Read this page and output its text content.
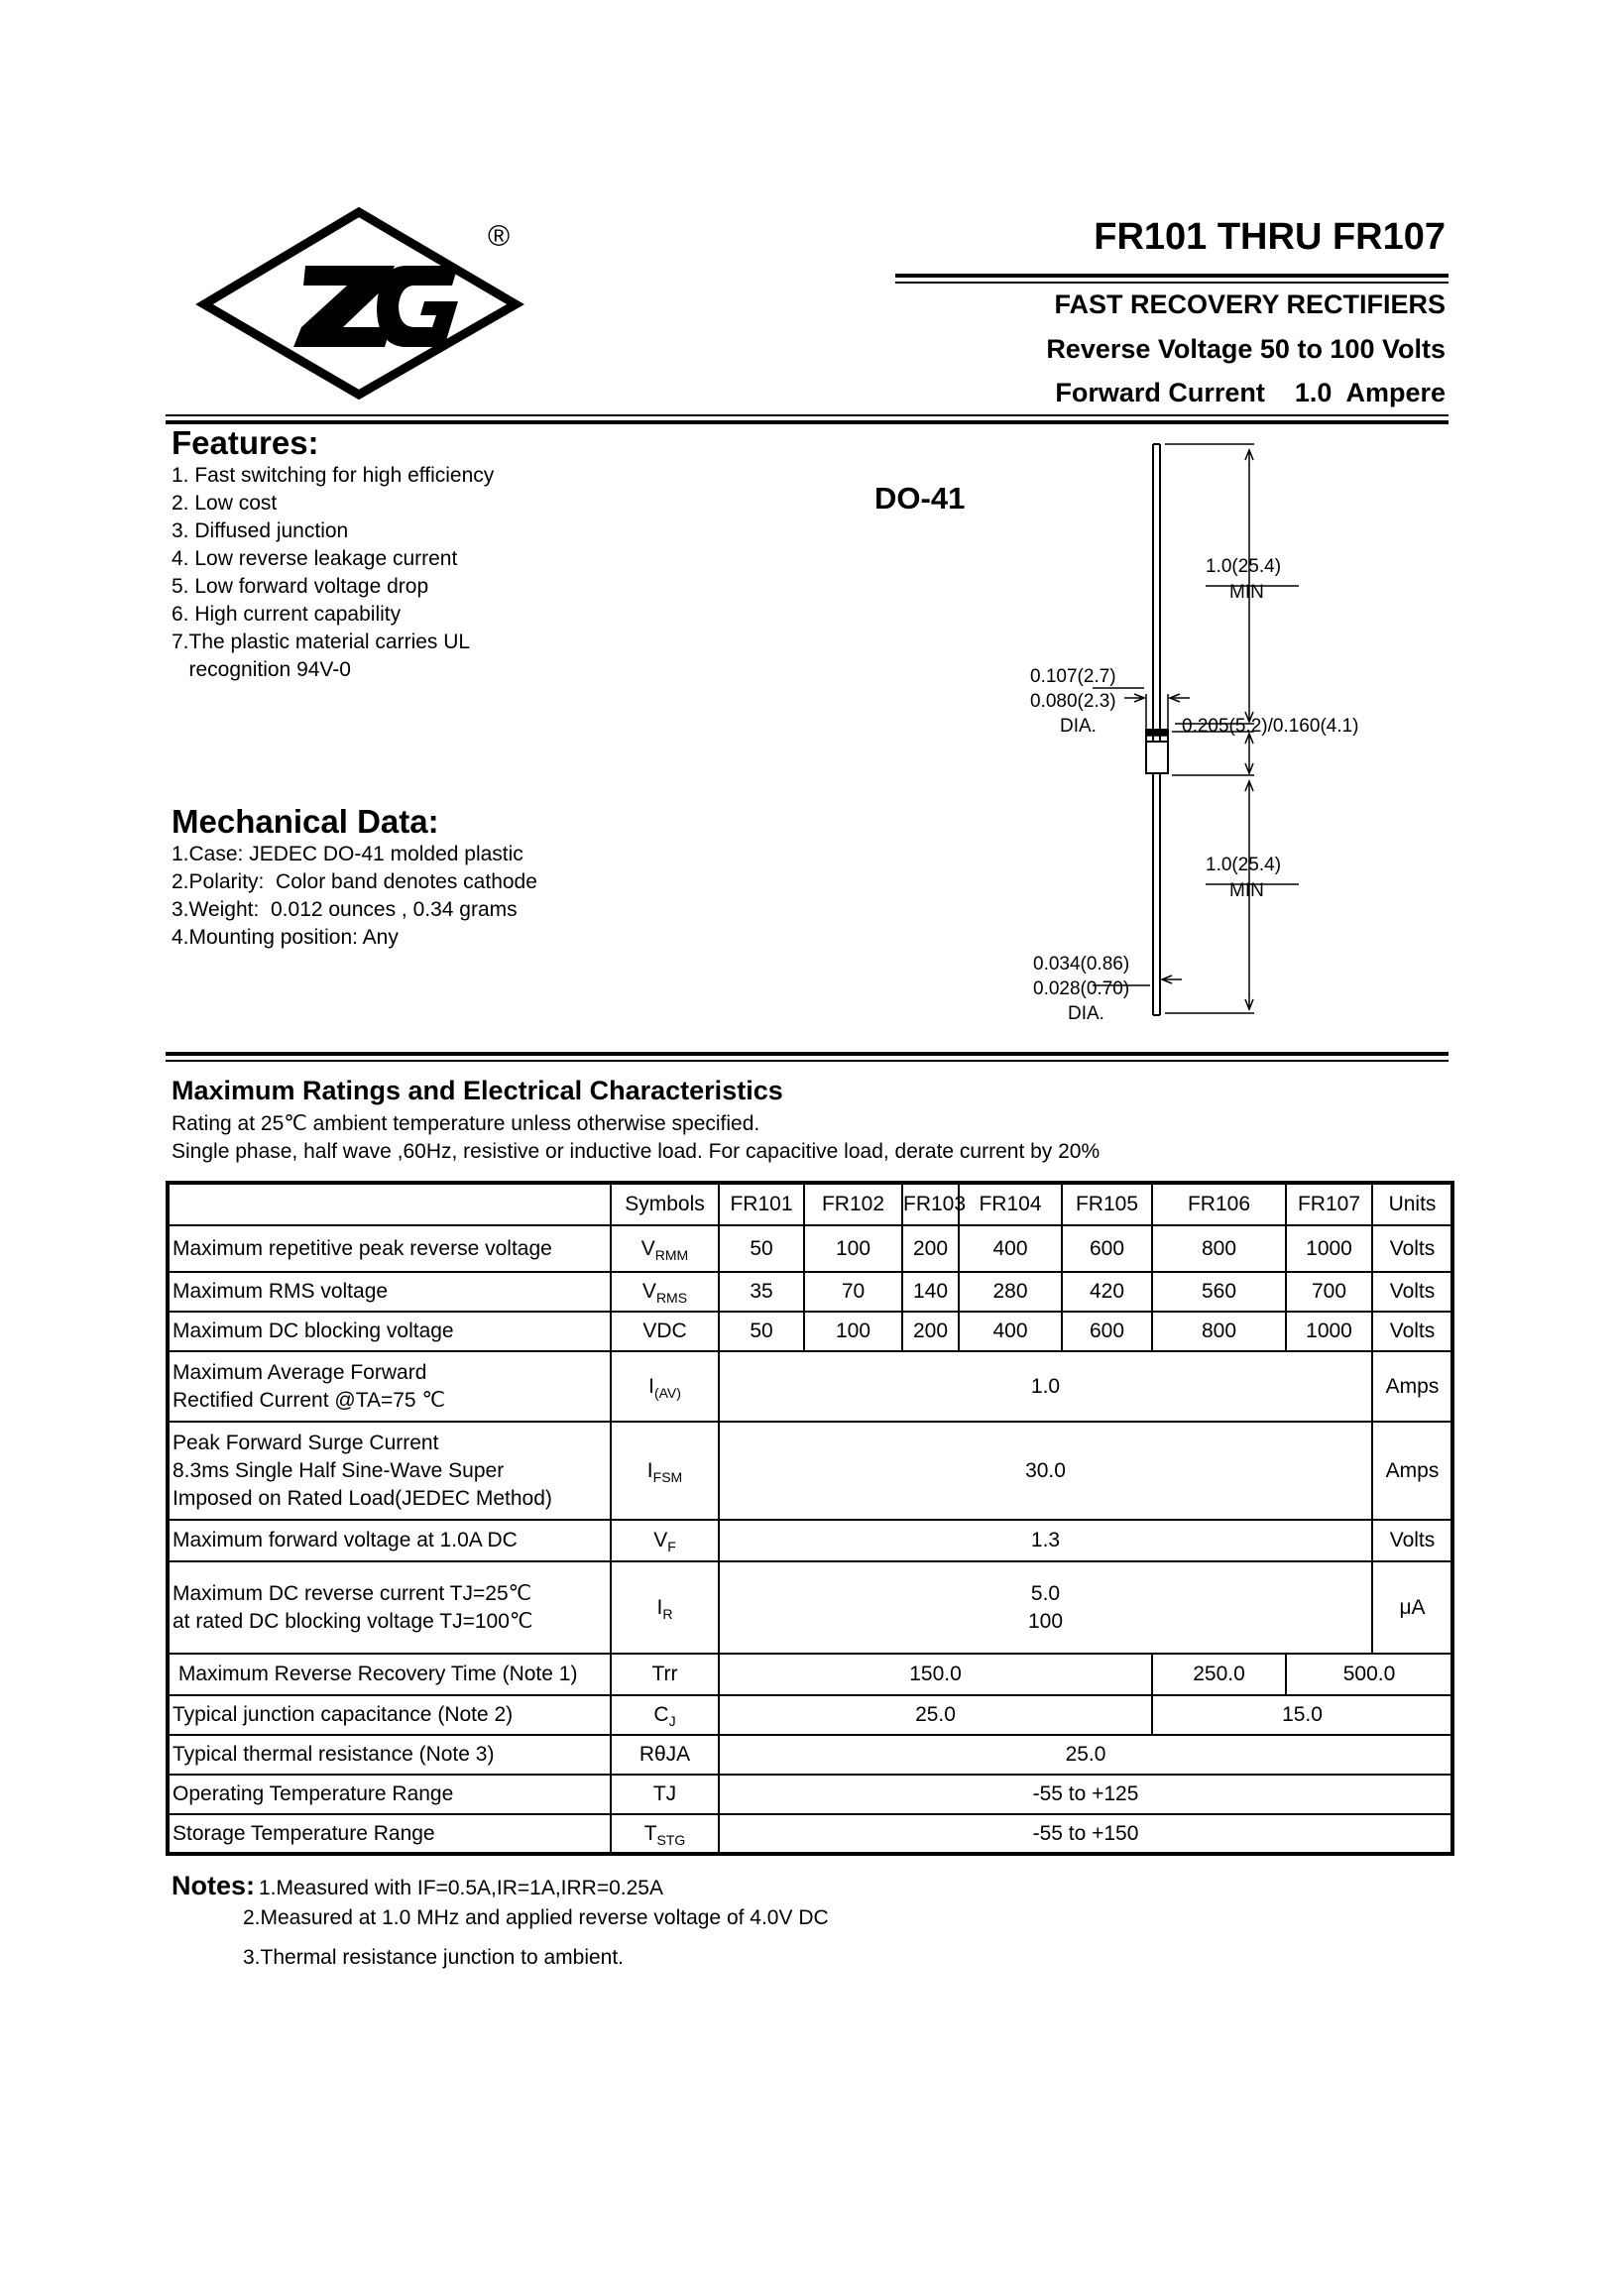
®	FR101 THRU FR107
FAST RECOVERY RECTIFIERS
Reverse Voltage 50 to 100 Volts
Forward Current    1.0  Ampere
Features:
1. Fast switching for high efficiency
2. Low cost
3. Diffused junction
4. Low reverse leakage current
5. Low forward voltage drop
6. High current capability
7.The plastic material carries UL
recognition 94V-0
Mechanical Data:
1.Case: JEDEC DO-41 molded plastic
2.Polarity:  Color band denotes cathode
3.Weight:  0.012 ounces , 0.34 grams
4.Mounting position: Any
DO-41
1.0(25.4)
MIN
0.107(2.7)
0.080(2.3)
DIA.	0.205(5.2)/0.160(4.1)
1.0(25.4)
MIN
0.034(0.86)
0.028(0.70)
DIA.
Maximum Ratings and Electrical Characteristics
Rating at 25℃ ambient temperature unless otherwise specified.
Single phase, half wave ,60Hz, resistive or inductive load. For capacitive load, derate current by 20%
	Symbols	FR101	FR102	FR103	FR104	FR105	FR106	FR107	Units	
Maximum repetitive peak reverse voltage	$V_{RMM}$	50	100	200	400	600	800	1000	Volts	
Maximum RMS voltage	$V_{RMS}$	35	70	140	280	420	560	700	Volts	
Maximum DC blocking voltage	VDC	50	100	200	400	600	800	1000	Volts	

Maximum Average Forward
Rectified Current @TA=75 ℃	$I_{(AV)}$	1.0							Amps	

Peak Forward Surge Current
8.3ms Single Half Sine-Wave Super
Imposed on Rated Load(JEDEC Method)	$I_{FSM}$	30.0							Amps	
Maximum forward voltage at 1.0A DC	$V_F$	1.3							Volts	

Maximum DC reverse current TJ=25℃
at rated DC blocking voltage TJ=100℃	$I_R$	5.0
100							μA	
Maximum Reverse Recovery Time (Note 1)	Trr	150.0					250.0	500.0	
Typical junction capacitance (Note 2)	$C_J$	25.0					15.0	
Typical thermal resistance (Note 3)	RθJA	25.0	
Operating Temperature Range	TJ	-55 to +125	
Storage Temperature Range	$T_{STG}$	-55 to +150	
Notes: 1.Measured with IF=0.5A,IR=1A,IRR=0.25A
2.Measured at 1.0 MHz and applied reverse voltage of 4.0V DC
3.Thermal resistance junction to ambient.
